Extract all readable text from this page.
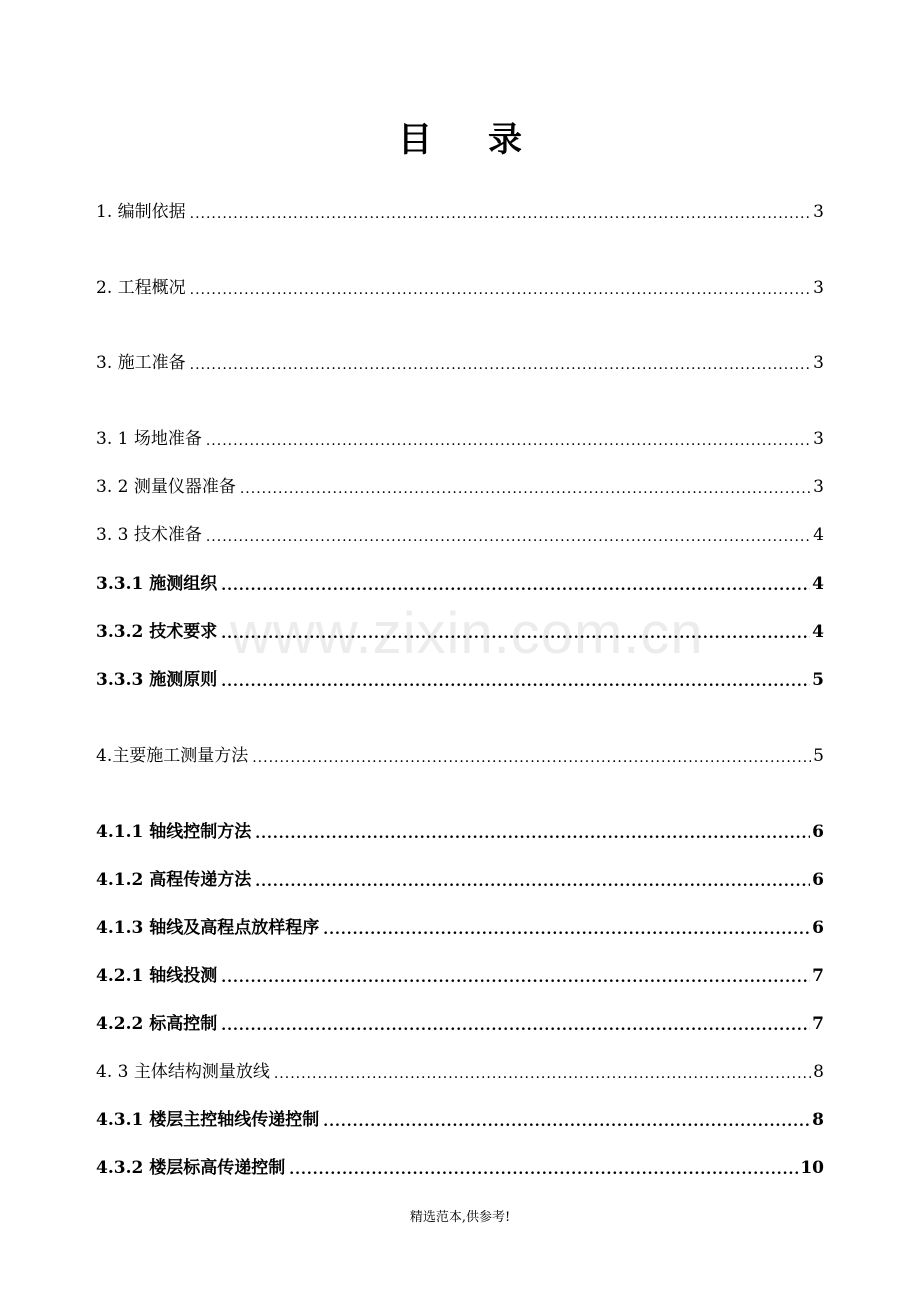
目 录
www.zixin.com.cn
1. 编制依据 .....	3
2. 工程概况 .....	3
3. 施工准备 .....	3
3. 1 场地准备 .....	3
3. 2 测量仪器准备 .....	3
3. 3 技术准备 .....	4
3.3.1 施测组织 .....	4
3.3.2 技术要求 .....	4
3.3.3 施测原则 .....	5
4.主要施工测量方法 .....	5
4.1.1 轴线控制方法 .....	6
4.1.2 高程传递方法 .....	6
4.1.3 轴线及高程点放样程序 .....	6
4.2.1 轴线投测 .....	7
4.2.2 标高控制 .....	7
4. 3 主体结构测量放线 .....	8
4.3.1 楼层主控轴线传递控制 .....	8
4.3.2 楼层标高传递控制 .....	10
精选范本,供参考!
